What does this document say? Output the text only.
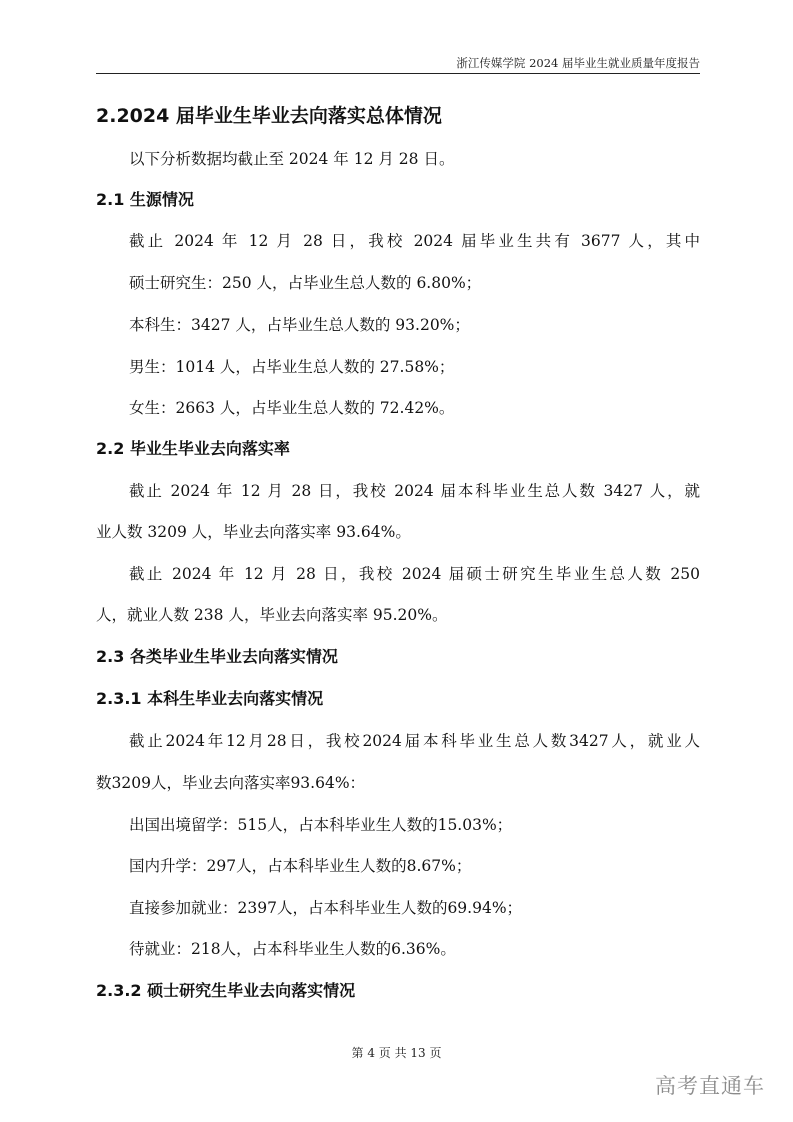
浙江传媒学院 2024 届毕业生就业质量年度报告
2.2024 届毕业生毕业去向落实总体情况
以下分析数据均截止至 2024 年 12 月 28 日。
2.1 生源情况
截止 2024 年 12 月 28 日，我校 2024 届毕业生共有 3677 人，其中
硕士研究生：250 人，占毕业生总人数的 6.80%；
本科生：3427 人，占毕业生总人数的 93.20%；
男生：1014 人，占毕业生总人数的 27.58%；
女生：2663 人，占毕业生总人数的 72.42%。
2.2 毕业生毕业去向落实率
截止 2024 年 12 月 28 日，我校 2024 届本科毕业生总人数 3427 人，就
业人数 3209 人，毕业去向落实率 93.64%。
截止 2024 年 12 月 28 日，我校 2024 届硕士研究生毕业生总人数 250
人，就业人数 238 人，毕业去向落实率 95.20%。
2.3 各类毕业生毕业去向落实情况
2.3.1 本科生毕业去向落实情况
截止2024年12月28日，我校2024届本科毕业生总人数3427人，就业人
数3209人，毕业去向落实率93.64%：
出国出境留学：515人，占本科毕业生人数的15.03%；
国内升学：297人，占本科毕业生人数的8.67%；
直接参加就业：2397人，占本科毕业生人数的69.94%；
待就业：218人，占本科毕业生人数的6.36%。
2.3.2 硕士研究生毕业去向落实情况
第 4 页 共 13 页
高考直通车
